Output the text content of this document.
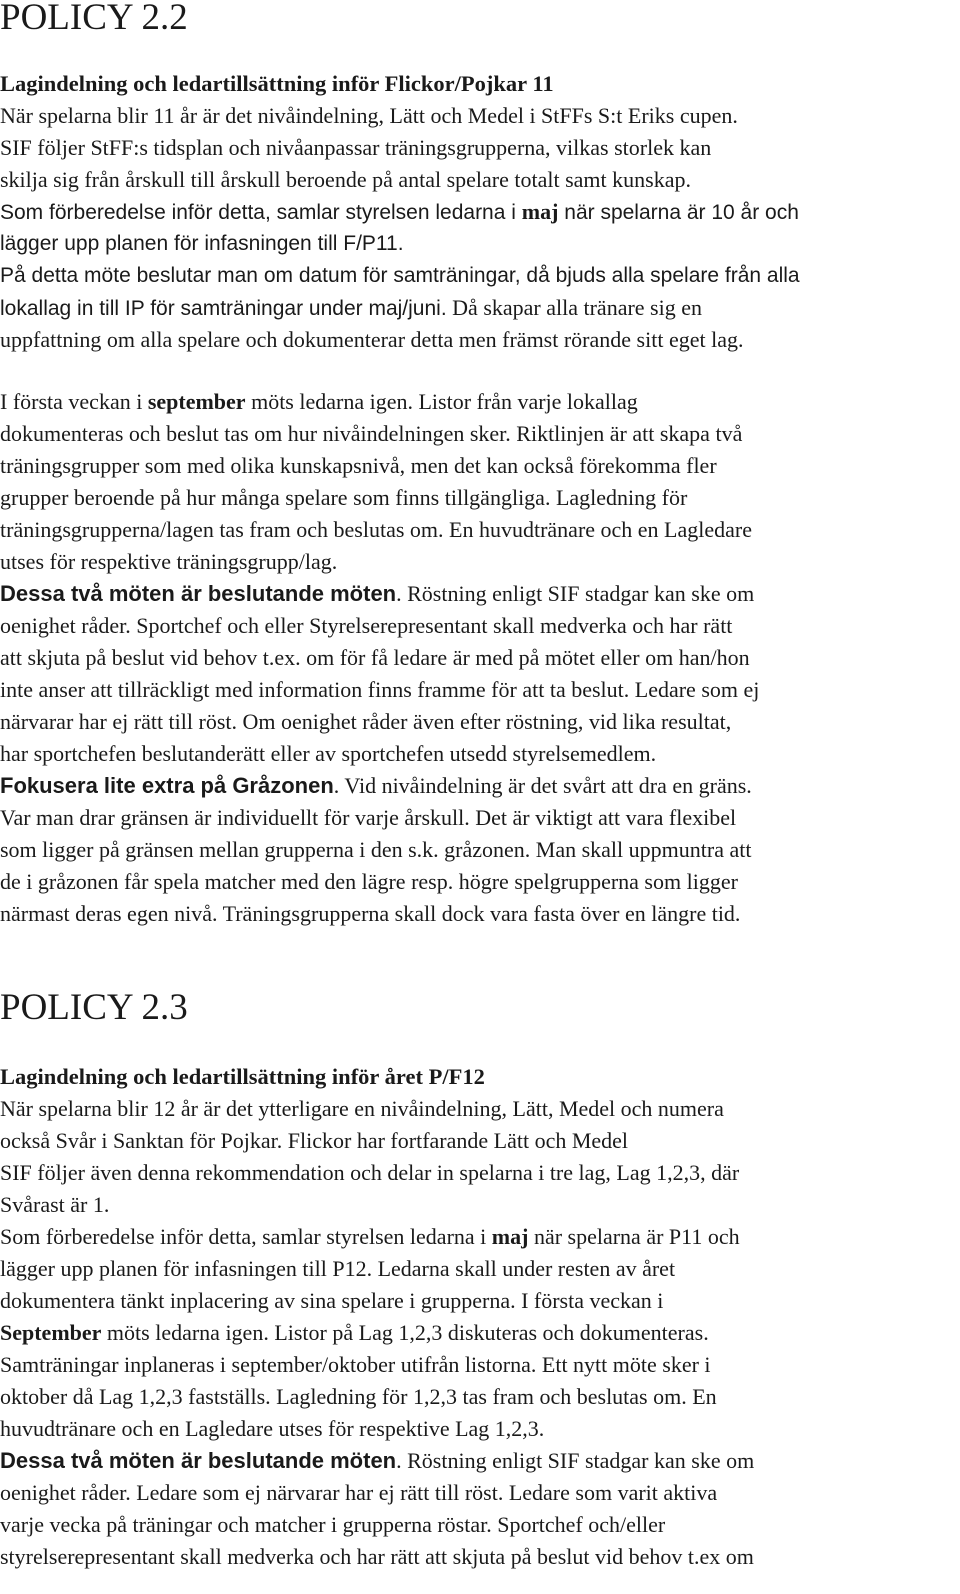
POLICY 2.2
Lagindelning och ledartillsättning inför Flickor/Pojkar 11
När spelarna blir 11 år är det nivåindelning, Lätt och Medel i StFFs S:t Eriks cupen.
SIF följer StFF:s tidsplan och nivåanpassar träningsgrupperna, vilkas storlek kan
skilja sig från årskull till årskull beroende på antal spelare totalt samt kunskap.
Som förberedelse inför detta, samlar styrelsen ledarna i maj när spelarna är 10 år och
lägger upp planen för infasningen till F/P11.
På detta möte beslutar man om datum för samträningar, då bjuds alla spelare från alla
lokallag in till IP för samträningar under maj/juni. Då skapar alla tränare sig en
uppfattning om alla spelare och dokumenterar detta men främst rörande sitt eget lag.
I första veckan i september möts ledarna igen. Listor från varje lokallag
dokumenteras och beslut tas om hur nivåindelningen sker. Riktlinjen är att skapa två
träningsgrupper som med olika kunskapsnivå, men det kan också förekomma fler
grupper beroende på hur många spelare som finns tillgängliga. Lagledning för
träningsgrupperna/lagen tas fram och beslutas om. En huvudtränare och en Lagledare
utses för respektive träningsgrupp/lag.
Dessa två möten är beslutande möten. Röstning enligt SIF stadgar kan ske om
oenighet råder. Sportchef och eller Styrelserepresentant skall medverka och har rätt
att skjuta på beslut vid behov t.ex. om för få ledare är med på mötet eller om han/hon
inte anser att tillräckligt med information finns framme för att ta beslut. Ledare som ej
närvarar har ej rätt till röst. Om oenighet råder även efter röstning, vid lika resultat,
har sportchefen beslutanderätt eller av sportchefen utsedd styrelsemedlem.
Fokusera lite extra på Gråzonen. Vid nivåindelning är det svårt att dra en gräns.
Var man drar gränsen är individuellt för varje årskull. Det är viktigt att vara flexibel
som ligger på gränsen mellan grupperna i den s.k. gråzonen. Man skall uppmuntra att
de i gråzonen får spela matcher med den lägre resp. högre spelgrupperna som ligger
närmast deras egen nivå. Träningsgrupperna skall dock vara fasta över en längre tid.
POLICY 2.3
Lagindelning och ledartillsättning inför året P/F12
När spelarna blir 12 år är det ytterligare en nivåindelning, Lätt, Medel och numera
också Svår i Sanktan för Pojkar. Flickor har fortfarande Lätt och Medel
SIF följer även denna rekommendation och delar in spelarna i tre lag, Lag 1,2,3, där
Svårast är 1.
Som förberedelse inför detta, samlar styrelsen ledarna i maj när spelarna är P11 och
lägger upp planen för infasningen till P12. Ledarna skall under resten av året
dokumentera tänkt inplacering av sina spelare i grupperna. I första veckan i
September möts ledarna igen. Listor på Lag 1,2,3 diskuteras och dokumenteras.
Samträningar inplaneras i september/oktober utifrån listorna. Ett nytt möte sker i
oktober då Lag 1,2,3 fastställs. Lagledning för 1,2,3 tas fram och beslutas om. En
huvudtränare och en Lagledare utses för respektive Lag 1,2,3.
Dessa två möten är beslutande möten. Röstning enligt SIF stadgar kan ske om
oenighet råder. Ledare som ej närvarar har ej rätt till röst. Ledare som varit aktiva
varje vecka på träningar och matcher i grupperna röstar. Sportchef och/eller
styrelserepresentant skall medverka och har rätt att skjuta på beslut vid behov t.ex om
